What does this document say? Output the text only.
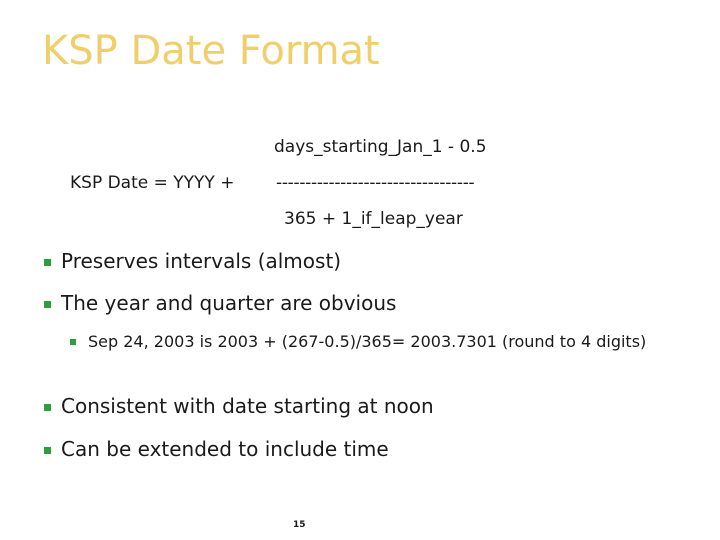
KSP Date Format
days_starting_Jan_1 - 0.5
KSP Date = YYYY + ----------------------------------
365 + 1_if_leap_year
Preserves intervals (almost)
The year and quarter are obvious
Sep 24, 2003 is 2003 + (267-0.5)/365= 2003.7301 (round to 4 digits)
Consistent with date starting at noon
Can be extended to include time
15
